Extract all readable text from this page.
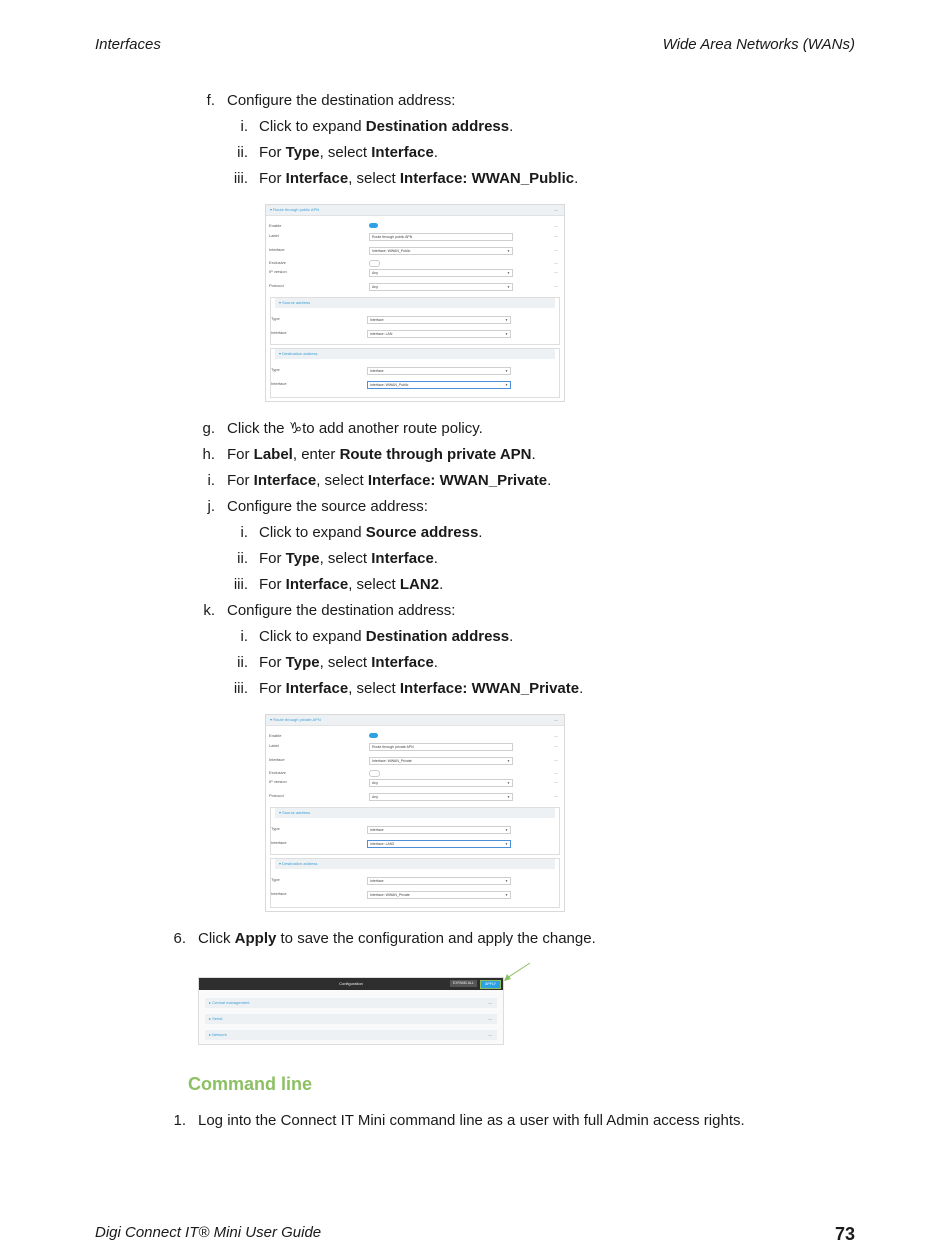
Interfaces	Wide Area Networks (WANs)
f. Configure the destination address:
i. Click to expand Destination address.
ii. For Type, select Interface.
iii. For Interface, select Interface: WWAN_Public.
▾ Route through public APN	—
Enable	—
Label	Route through public APN	—
Interface	Interface: WWAN_Public	▼	—
Exclusive	—
IP version	Any	▼	—
Protocol	Any	▼	—
▾ Source address
Type	Interface	▼
Interface	Interface: LAN	▼
▾ Destination address
Type	Interface	▼
Interface	Interface: WWAN_Public	▼
g. Click the ♑to add another route policy.
h. For Label, enter Route through private APN.
i. For Interface, select Interface: WWAN_Private.
j. Configure the source address:
i. Click to expand Source address.
ii. For Type, select Interface.
iii. For Interface, select LAN2.
k. Configure the destination address:
i. Click to expand Destination address.
ii. For Type, select Interface.
iii. For Interface, select Interface: WWAN_Private.
▾ Route through private APN	—
Enable	—
Label	Route through private APN	—
Interface	Interface: WWAN_Private	▼	—
Exclusive	—
IP version	Any	▼	—
Protocol	Any	▼	—
▾ Source address
Type	Interface	▼
Interface	Interface: LAN2	▼
▾ Destination address
Type	Interface	▼
Interface	Interface: WWAN_Private	▼
6. Click Apply to save the configuration and apply the change.
Configuration	EXPAND ALL	APPLY
▸ Central management	—
▸ Serial	—
▸ Network	—
Command line
1. Log into the Connect IT Mini command line as a user with full Admin access rights.
Digi Connect IT® Mini User Guide	73
